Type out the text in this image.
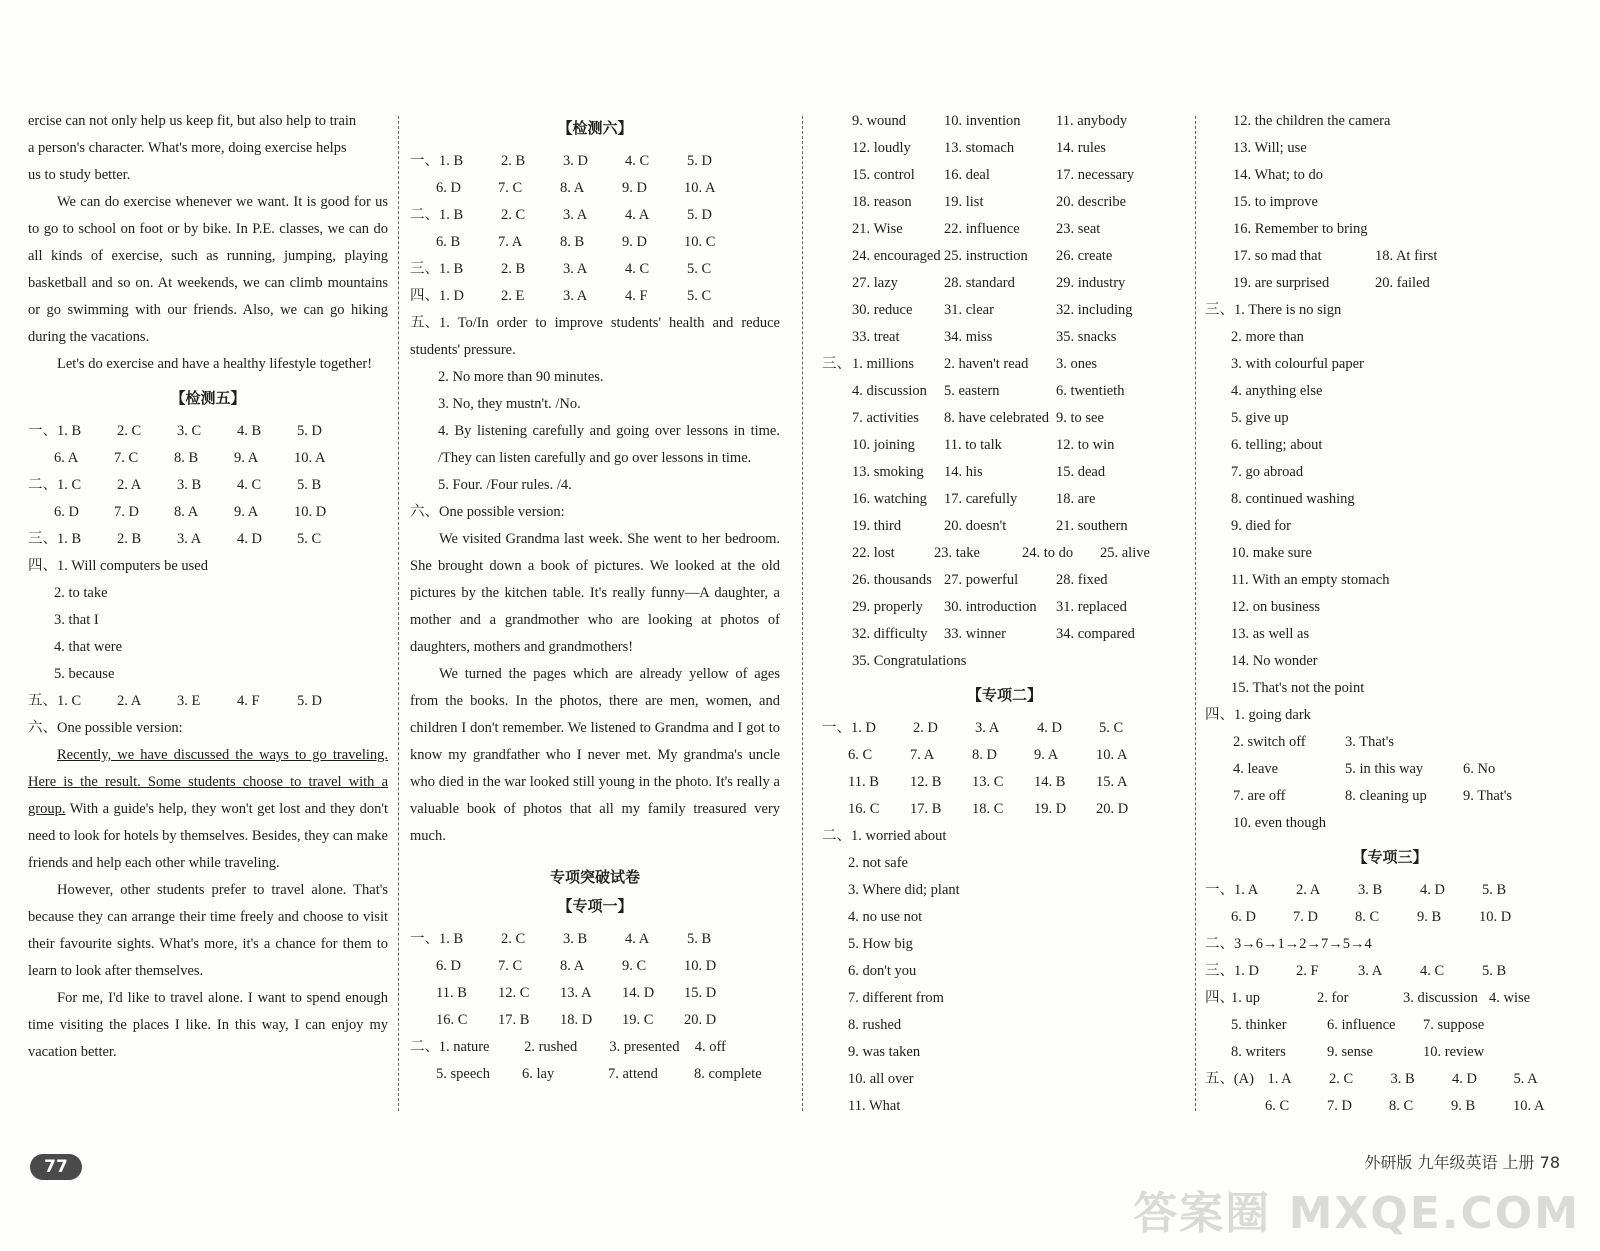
ercise can not only help us keep fit, but also help to train
a person's character. What's more, doing exercise helps
us to study better.
We can do exercise whenever we want. It is good for us to go to school on foot or by bike. In P.E. classes, we can do all kinds of exercise, such as running, jumping, playing basketball and so on. At weekends, we can climb mountains or go swimming with our friends. Also, we can go hiking during the vacations.
Let's do exercise and have a healthy lifestyle together!
【检测五】
一、 1. B	2. C	3. C	4. B	5. D
6. A	7. C	8. B	9. A	10. A
二、 1. C	2. A	3. B	4. C	5. B
6. D	7. D	8. A	9. A	10. D
三、 1. B	2. B	3. A	4. D	5. C
四、 1. Will computers be used
2. to take
3. that I
4. that were
5. because
五、 1. C	2. A	3. E	4. F	5. D
六、 One possible version:
Recently, we have discussed the ways to go traveling. Here is the result. Some students choose to travel with a group. With a guide's help, they won't get lost and they don't need to look for hotels by themselves. Besides, they can make friends and help each other while traveling.
However, other students prefer to travel alone. That's because they can arrange their time freely and choose to visit their favourite sights. What's more, it's a chance for them to learn to look after themselves.
For me, I'd like to travel alone. I want to spend enough time visiting the places I like. In this way, I can enjoy my vacation better.
【检测六】
一、 1. B	2. B	3. D	4. C	5. D
6. D	7. C	8. A	9. D	10. A
二、 1. B	2. C	3. A	4. A	5. D
6. B	7. A	8. B	9. D	10. C
三、 1. B	2. B	3. A	4. C	5. C
四、 1. D	2. E	3. A	4. F	5. C
五、1. To/In order to improve students' health and reduce students' pressure.
2. No more than 90 minutes.
3. No, they mustn't. /No.
4. By listening carefully and going over lessons in time. /They can listen carefully and go over lessons in time.
5. Four. /Four rules. /4.
六、 One possible version:
We visited Grandma last week. She went to her bedroom. She brought down a book of pictures. We looked at the old pictures by the kitchen table. It's really funny—A daughter, a mother and a grandmother who are looking at photos of daughters, mothers and grandmothers!
We turned the pages which are already yellow of ages from the books. In the photos, there are men, women, and children I don't remember. We listened to Grandma and I got to know my grandfather who I never met. My grandma's uncle who died in the war looked still young in the photo. It's really a valuable book of photos that all my family treasured very much.
专项突破试卷
【专项一】
一、 1. B	2. C	3. B	4. A	5. B
6. D	7. C	8. A	9. C	10. D
11. B	12. C	13. A	14. D	15. D
16. C	17. B	18. D	19. C	20. D
二、 1. nature	2. rushed	3. presented	4. off
5. speech	6. lay	7. attend	8. complete
9. wound	10. invention	11. anybody
12. loudly	13. stomach	14. rules
15. control	16. deal	17. necessary
18. reason	19. list	20. describe
21. Wise	22. influence	23. seat
24. encouraged 25. instruction	26. create
27. lazy	28. standard	29. industry
30. reduce	31. clear	32. including
33. treat	34. miss	35. snacks
三、 1. millions	2. haven't read	3. ones
4. discussion	5. eastern	6. twentieth
7. activities	8. have celebrated 9. to see
10. joining	11. to talk	12. to win
13. smoking	14. his	15. dead
16. watching	17. carefully	18. are
19. third	20. doesn't	21. southern
22. lost	23. take	24. to do	25. alive
26. thousands 27. powerful	28. fixed
29. properly	30. introduction	31. replaced
32. difficulty	33. winner	34. compared
35. Congratulations
【专项二】
一、 1. D	2. D	3. A	4. D	5. C
6. C	7. A	8. D	9. A	10. A
11. B	12. B	13. C	14. B	15. A
16. C	17. B	18. C	19. D	20. D
二、 1. worried about
2. not safe
3. Where did; plant
4. no use not
5. How big
6. don't you
7. different from
8. rushed
9. was taken
10. all over
11. What
12. the children the camera
13. Will; use
14. What; to do
15. to improve
16. Remember to bring
17. so mad that	18. At first
19. are surprised	20. failed
三、 1. There is no sign
2. more than
3. with colourful paper
4. anything else
5. give up
6. telling; about
7. go abroad
8. continued washing
9. died for
10. make sure
11. With an empty stomach
12. on business
13. as well as
14. No wonder
15. That's not the point
四、 1. going dark
2. switch off	3. That's
4. leave	5. in this way	6. No
7. are off	8. cleaning up	9. That's
10. even though
【专项三】
一、 1. A	2. A	3. B	4. D	5. B
6. D	7. D	8. C	9. B	10. D
二、 3→6→1→2→7→5→4
三、 1. D	2. F	3. A	4. C	5. B
四、
1. up	2. for	3. discussion 4. wise
5. thinker	6. influence	7. suppose
8. writers	9. sense	10. review
五、 (A) 1. A	2. C	3. B	4. D	5. A
6. C	7. D	8. C	9. B	10. A
77	外研版 九年级英语 上册 78
答案圈 MXQE.COM
